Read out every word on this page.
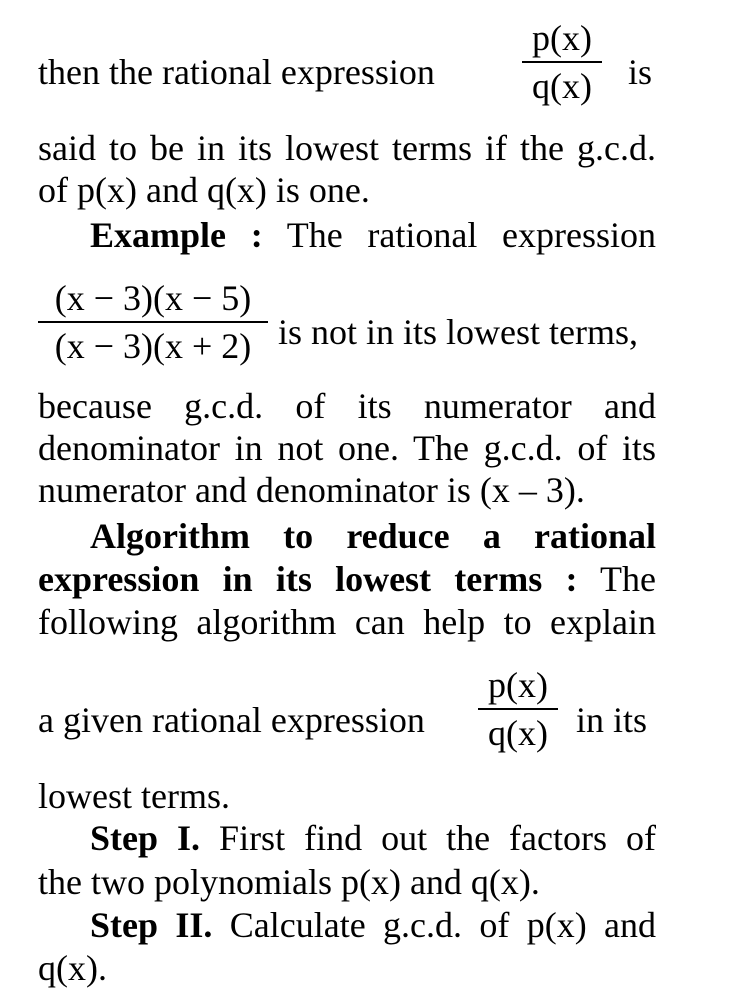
then the rational expression
p(x)
q(x) is

said to be in its lowest terms if the g.c.d.

of p(x) and q(x) is one.

Example : The rational expression

(x − 3)(x − 5)
(x − 3)(x + 2) is not in its lowest terms,

because g.c.d. of its numerator and

denominator in not one. The g.c.d. of its

numerator and denominator is (x – 3).

Algorithm to reduce a rational

expression in its lowest terms : The

following algorithm can help to explain

a given rational expression
p(x)
q(x) in its

lowest terms.

Step I. First find out the factors of

the two polynomials p(x) and q(x).

Step II. Calculate g.c.d. of p(x) and

q(x).
